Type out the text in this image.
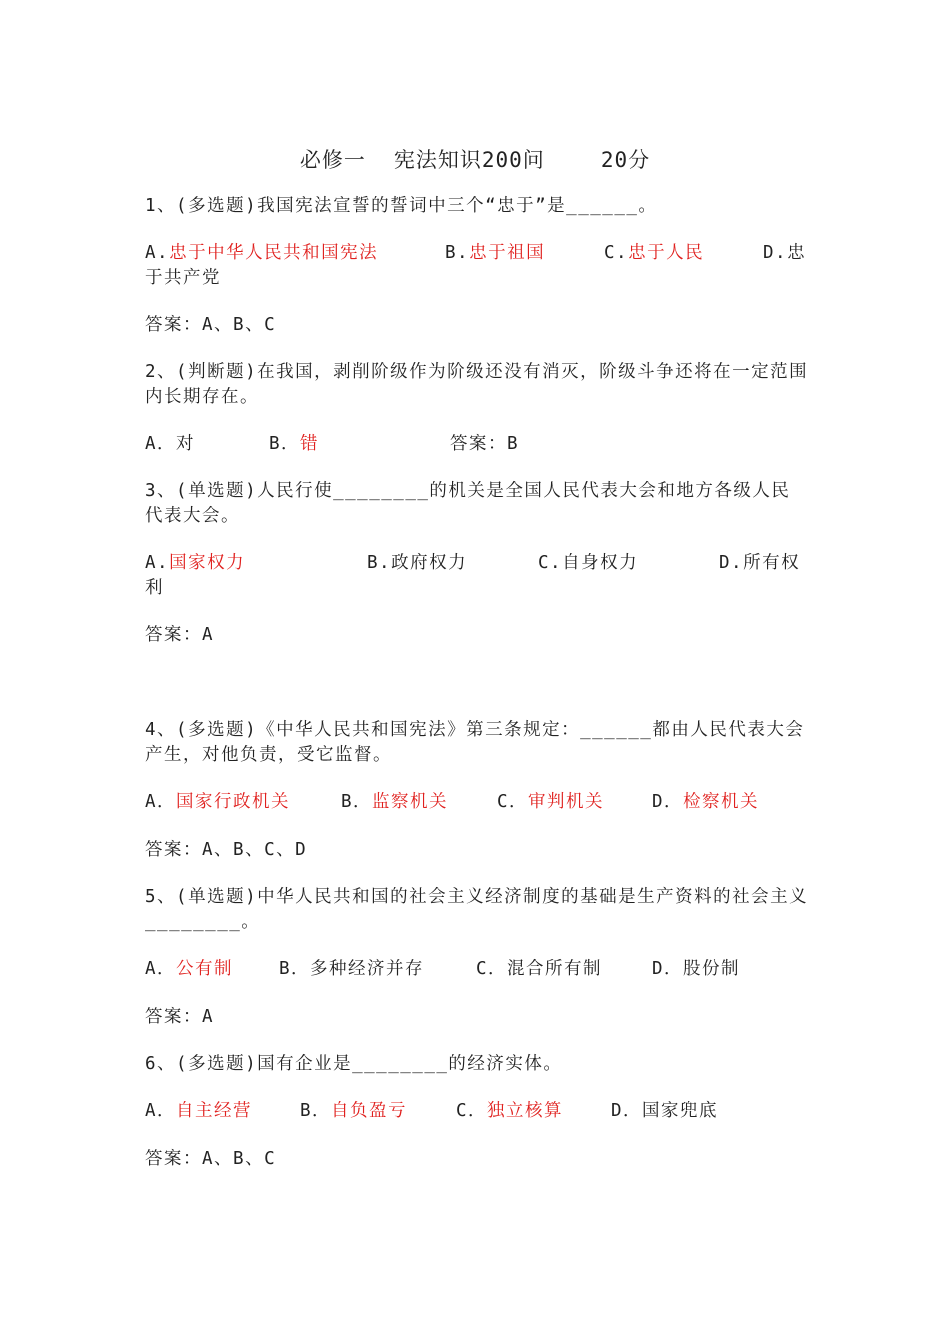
必修一 宪法知识200问	20分
1、(多选题)我国宪法宣誓的誓词中三个“忠于”是______。
A.忠于中华人民共和国宪法	B.忠于祖国	C.忠于人民	D.忠
于共产党
答案：A、B、C
2、(判断题)在我国，剥削阶级作为阶级还没有消灭，阶级斗争还将在一定范围内长期存在。
A．对	B．错	答案：B
3、(单选题)人民行使________的机关是全国人民代表大会和地方各级人民代表大会。
A.国家权力	B.政府权力	C.自身权力	D.所有权
利
答案：A
4、(多选题)《中华人民共和国宪法》第三条规定：______都由人民代表大会产生，对他负责，受它监督。
A．国家行政机关	B．监察机关	C．审判机关	D．检察机关
答案：A、B、C、D
5、(单选题)中华人民共和国的社会主义经济制度的基础是生产资料的社会主义________。
A．公有制	B．多种经济并存	C．混合所有制	D．股份制
答案：A
6、(多选题)国有企业是________的经济实体。
A．自主经营	B．自负盈亏	C．独立核算	D．国家兜底
答案：A、B、C
